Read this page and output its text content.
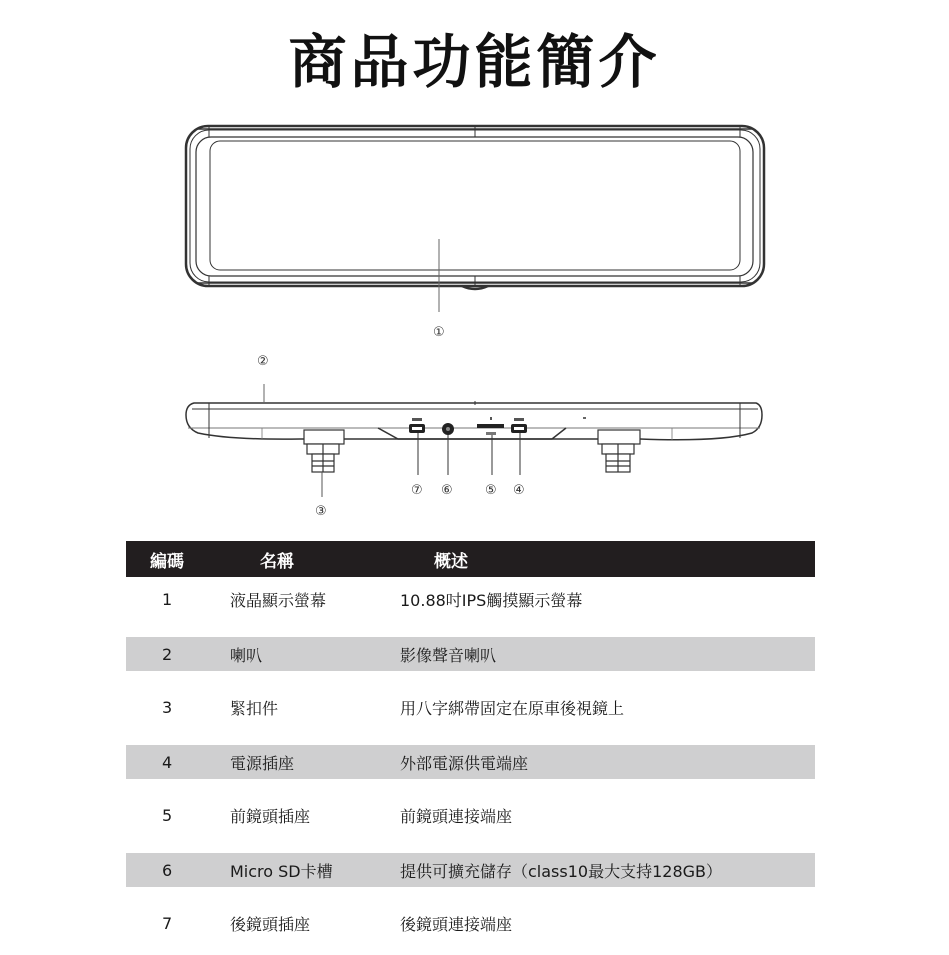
商品功能簡介
①
②
③
⑦ ⑥ ⑤ ④
編碼	名稱	概述
1	液晶顯示螢幕	10.88吋IPS觸摸顯示螢幕
2	喇叭	影像聲音喇叭
3	緊扣件	用八字綁帶固定在原車後視鏡上
4	電源插座	外部電源供電端座
5	前鏡頭插座	前鏡頭連接端座
6	Micro SD卡槽	提供可擴充儲存（class10最大支持128GB）
7	後鏡頭插座	後鏡頭連接端座
